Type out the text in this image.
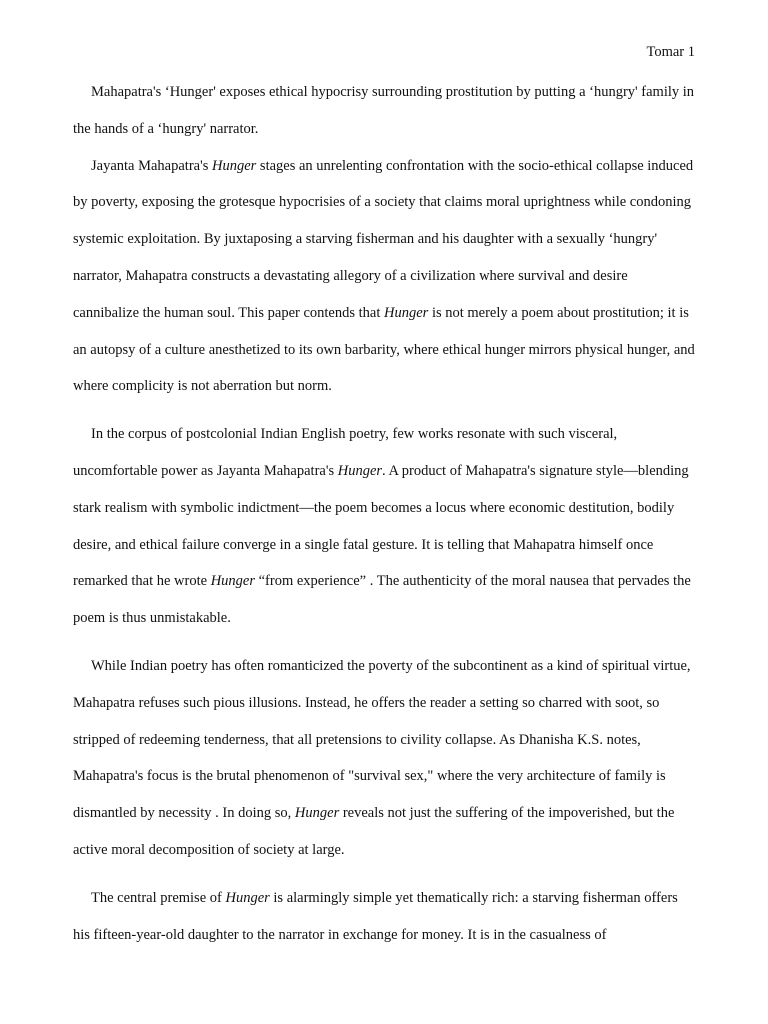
Tomar 1

Mahapatra's ‘Hunger' exposes ethical hypocrisy surrounding prostitution by putting a ‘hungry' family in the hands of a ‘hungry' narrator.

Jayanta Mahapatra's Hunger stages an unrelenting confrontation with the socio-ethical collapse induced by poverty, exposing the grotesque hypocrisies of a society that claims moral uprightness while condoning systemic exploitation. By juxtaposing a starving fisherman and his daughter with a sexually ‘hungry' narrator, Mahapatra constructs a devastating allegory of a civilization where survival and desire cannibalize the human soul. This paper contends that Hunger is not merely a poem about prostitution; it is an autopsy of a culture anesthetized to its own barbarity, where ethical hunger mirrors physical hunger, and where complicity is not aberration but norm.

In the corpus of postcolonial Indian English poetry, few works resonate with such visceral, uncomfortable power as Jayanta Mahapatra's Hunger. A product of Mahapatra's signature style—blending stark realism with symbolic indictment—the poem becomes a locus where economic destitution, bodily desire, and ethical failure converge in a single fatal gesture. It is telling that Mahapatra himself once remarked that he wrote Hunger “from experience” . The authenticity of the moral nausea that pervades the poem is thus unmistakable.

While Indian poetry has often romanticized the poverty of the subcontinent as a kind of spiritual virtue, Mahapatra refuses such pious illusions. Instead, he offers the reader a setting so charred with soot, so stripped of redeeming tenderness, that all pretensions to civility collapse. As Dhanisha K.S. notes, Mahapatra's focus is the brutal phenomenon of "survival sex," where the very architecture of family is dismantled by necessity . In doing so, Hunger reveals not just the suffering of the impoverished, but the active moral decomposition of society at large.

The central premise of Hunger is alarmingly simple yet thematically rich: a starving fisherman offers his fifteen-year-old daughter to the narrator in exchange for money. It is in the casualness of
